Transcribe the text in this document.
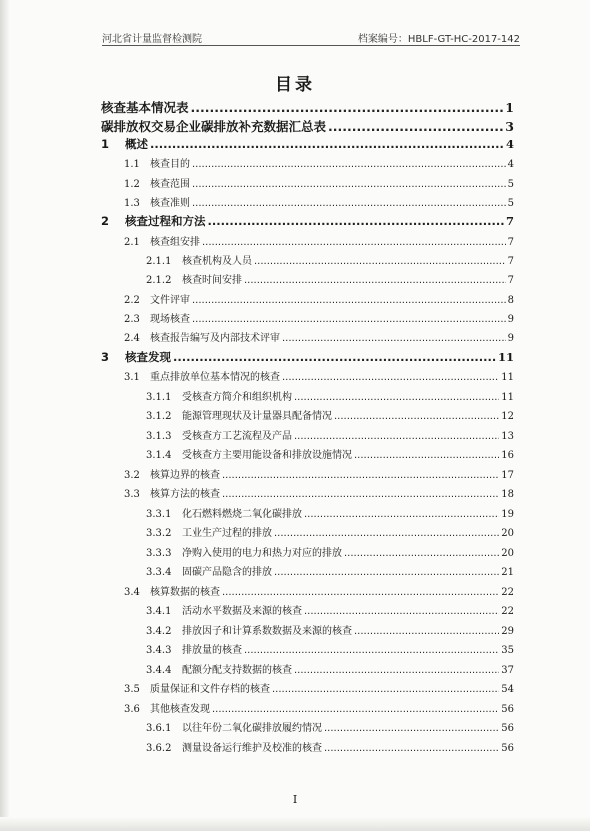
河北省计量监督检测院	档案编号：HBLF-GT-HC-2017-142
目录
核查基本情况表 .....	1
碳排放权交易企业碳排放补充数据汇总表 .....	3
1	概述 .....	4
1.1	核查目的 .....	4
1.2	核查范围 .....	5
1.3	核查准则 .....	5
2	核查过程和方法 .....	7
2.1	核查组安排 .....	7
2.1.1	核查机构及人员 .....	7
2.1.2	核查时间安排 .....	7
2.2	文件评审 .....	8
2.3	现场核查 .....	9
2.4	核查报告编写及内部技术评审 .....	9
3	核查发现 .....	11
3.1	重点排放单位基本情况的核查 .....	11
3.1.1	受核查方简介和组织机构 .....	11
3.1.2	能源管理现状及计量器具配备情况 .....	12
3.1.3	受核查方工艺流程及产品 .....	13
3.1.4	受核查方主要用能设备和排放设施情况 .....	16
3.2	核算边界的核查 .....	17
3.3	核算方法的核查 .....	18
3.3.1	化石燃料燃烧二氧化碳排放 .....	19
3.3.2	工业生产过程的排放 .....	20
3.3.3	净购入使用的电力和热力对应的排放 .....	20
3.3.4	固碳产品隐含的排放 .....	21
3.4	核算数据的核查 .....	22
3.4.1	活动水平数据及来源的核查 .....	22
3.4.2	排放因子和计算系数数据及来源的核查 .....	29
3.4.3	排放量的核查 .....	35
3.4.4	配额分配支持数据的核查 .....	37
3.5	质量保证和文件存档的核查 .....	54
3.6	其他核查发现 .....	56
3.6.1	以往年份二氧化碳排放履约情况 .....	56
3.6.2	测量设备运行维护及校准的核查 .....	56
I
